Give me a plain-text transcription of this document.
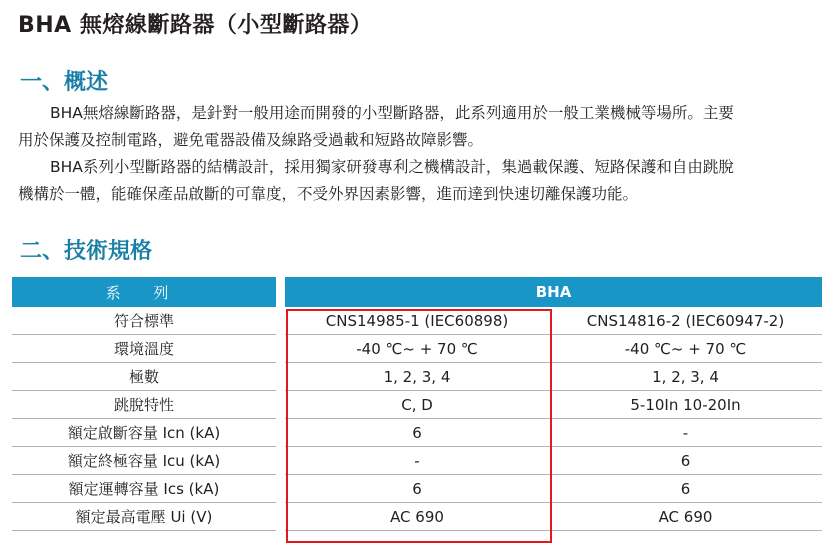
BHA 無熔線斷路器（小型斷路器）
一、概述

BHA無熔線斷路器，是針對一般用途而開發的小型斷路器，此系列適用於一般工業機械等場所。主要
用於保護及控制電路，避免電器設備及線路受過載和短路故障影響。

BHA系列小型斷路器的結構設計，採用獨家研發專利之機構設計，集過載保護、短路保護和自由跳脫
機構於一體，能確保產品啟斷的可靠度，不受外界因素影響，進而達到快速切離保護功能。

二、技術規格
系 列		BHA	
符合標準		CNS14985-1 (IEC60898)	CNS14816-2 (IEC60947-2)
環境溫度		-40 ℃~ + 70 ℃	-40 ℃~ + 70 ℃
極數		1, 2, 3, 4	1, 2, 3, 4
跳脫特性		C, D	5-10In 10-20In
額定啟斷容量 Icn (kA)		6	-
額定終極容量 Icu (kA)		-	6
額定運轉容量 Ics (kA)		6	6
額定最高電壓 Ui (V)		AC 690	AC 690
